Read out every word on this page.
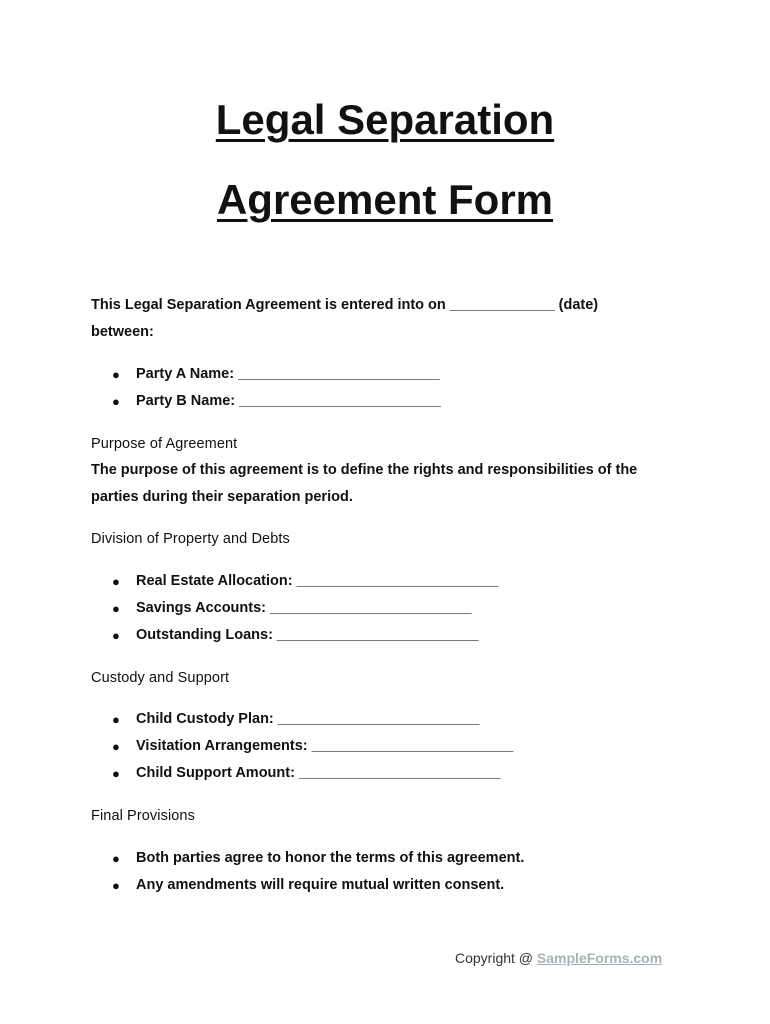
Legal Separation
Agreement Form

This Legal Separation Agreement is entered into on _____________ (date)
between:

● Party A Name: _________________________
● Party B Name: _________________________
Purpose of Agreement

The purpose of this agreement is to define the rights and responsibilities of the
parties during their separation period.

Division of Property and Debts
● Real Estate Allocation: _________________________
● Savings Accounts: _________________________
● Outstanding Loans: _________________________
Custody and Support
● Child Custody Plan: _________________________
● Visitation Arrangements: _________________________
● Child Support Amount: _________________________
Final Provisions
● Both parties agree to honor the terms of this agreement.
● Any amendments will require mutual written consent.
Copyright @ SampleForms.com
